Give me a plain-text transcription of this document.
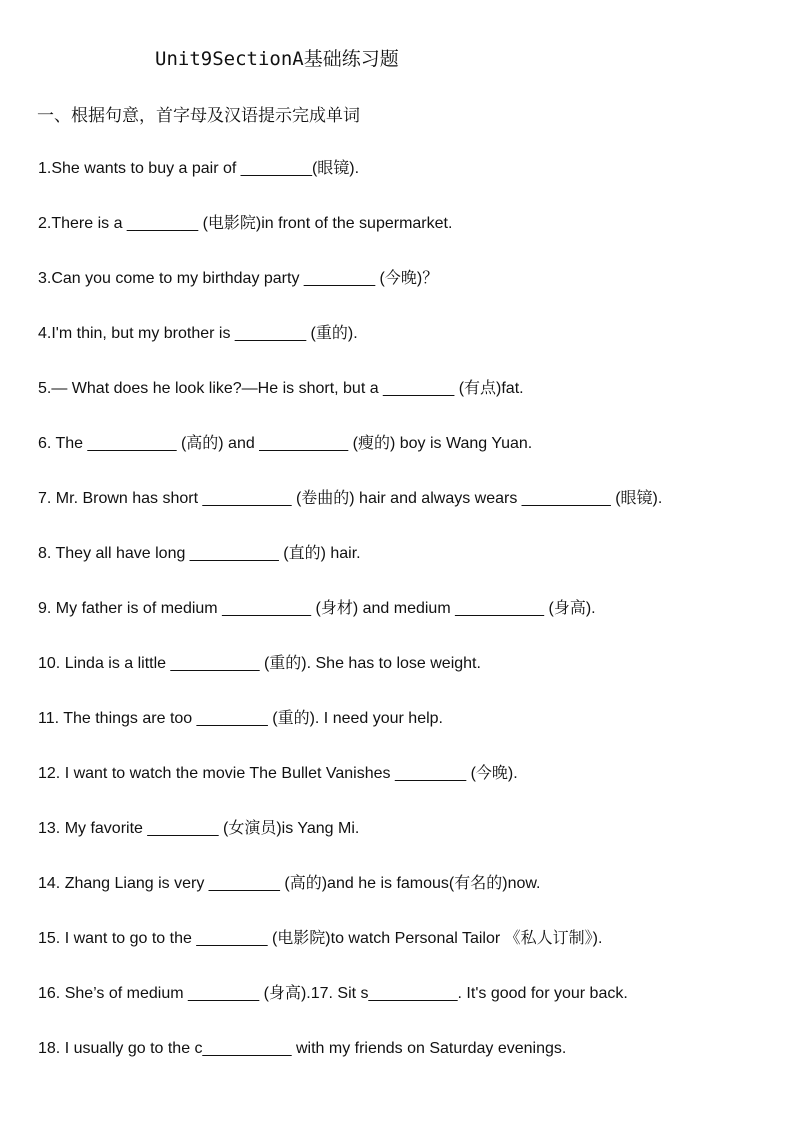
Unit9SectionA基础练习题
一、根据句意，首字母及汉语提示完成单词
1.She wants to buy a pair of ________(眼镜).
2.There is a ________ (电影院)in front of the supermarket.
3.Can you come to my birthday party ________ (今晚)？
4.I'm thin, but my brother is ________ (重的).
5.— What does he look like?—He is short, but a ________ (有点)fat.
6. The __________ (高的) and __________ (瘦的) boy is Wang Yuan.
7. Mr. Brown has short __________ (卷曲的) hair and always wears __________ (眼镜).
8. They all have long __________ (直的) hair.
9. My father is of medium __________ (身材) and medium __________ (身高).
10. Linda is a little __________ (重的). She has to lose weight.
11. The things are too ________ (重的). I need your help.
12. I want to watch the movie The Bullet Vanishes ________ (今晚).
13. My favorite ________ (女演员)is Yang Mi.
14. Zhang Liang is very ________ (高的)and he is famous(有名的)now.
15. I want to go to the ________ (电影院)to watch Personal Tailor 《私人订制》).
16. She’s of medium ________ (身高).17. Sit s__________. It's good for your back.
18. I usually go to the c__________ with my friends on Saturday evenings.
